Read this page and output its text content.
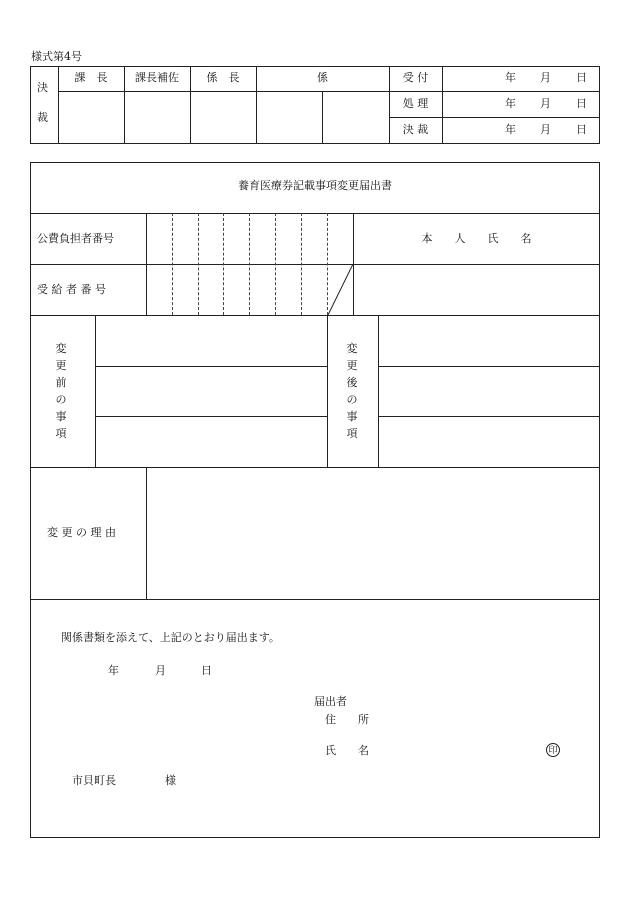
様式第4号
決
裁
課　長	課長補佐	係　長	係	受 付	年 月 日
処 理	年 月 日
決 裁	年 月 日
養育医療券記載事項変更届出書
公費負担者番号
受 給 者 番 号
本　　人　　氏　　名
変更前の事項
変更後の事項
変 更 の 理 由
関係書類を添えて、上記のとおり届出ます。
年	月	日
届出者
住　　所
氏　　名	印
市貝町長	様
